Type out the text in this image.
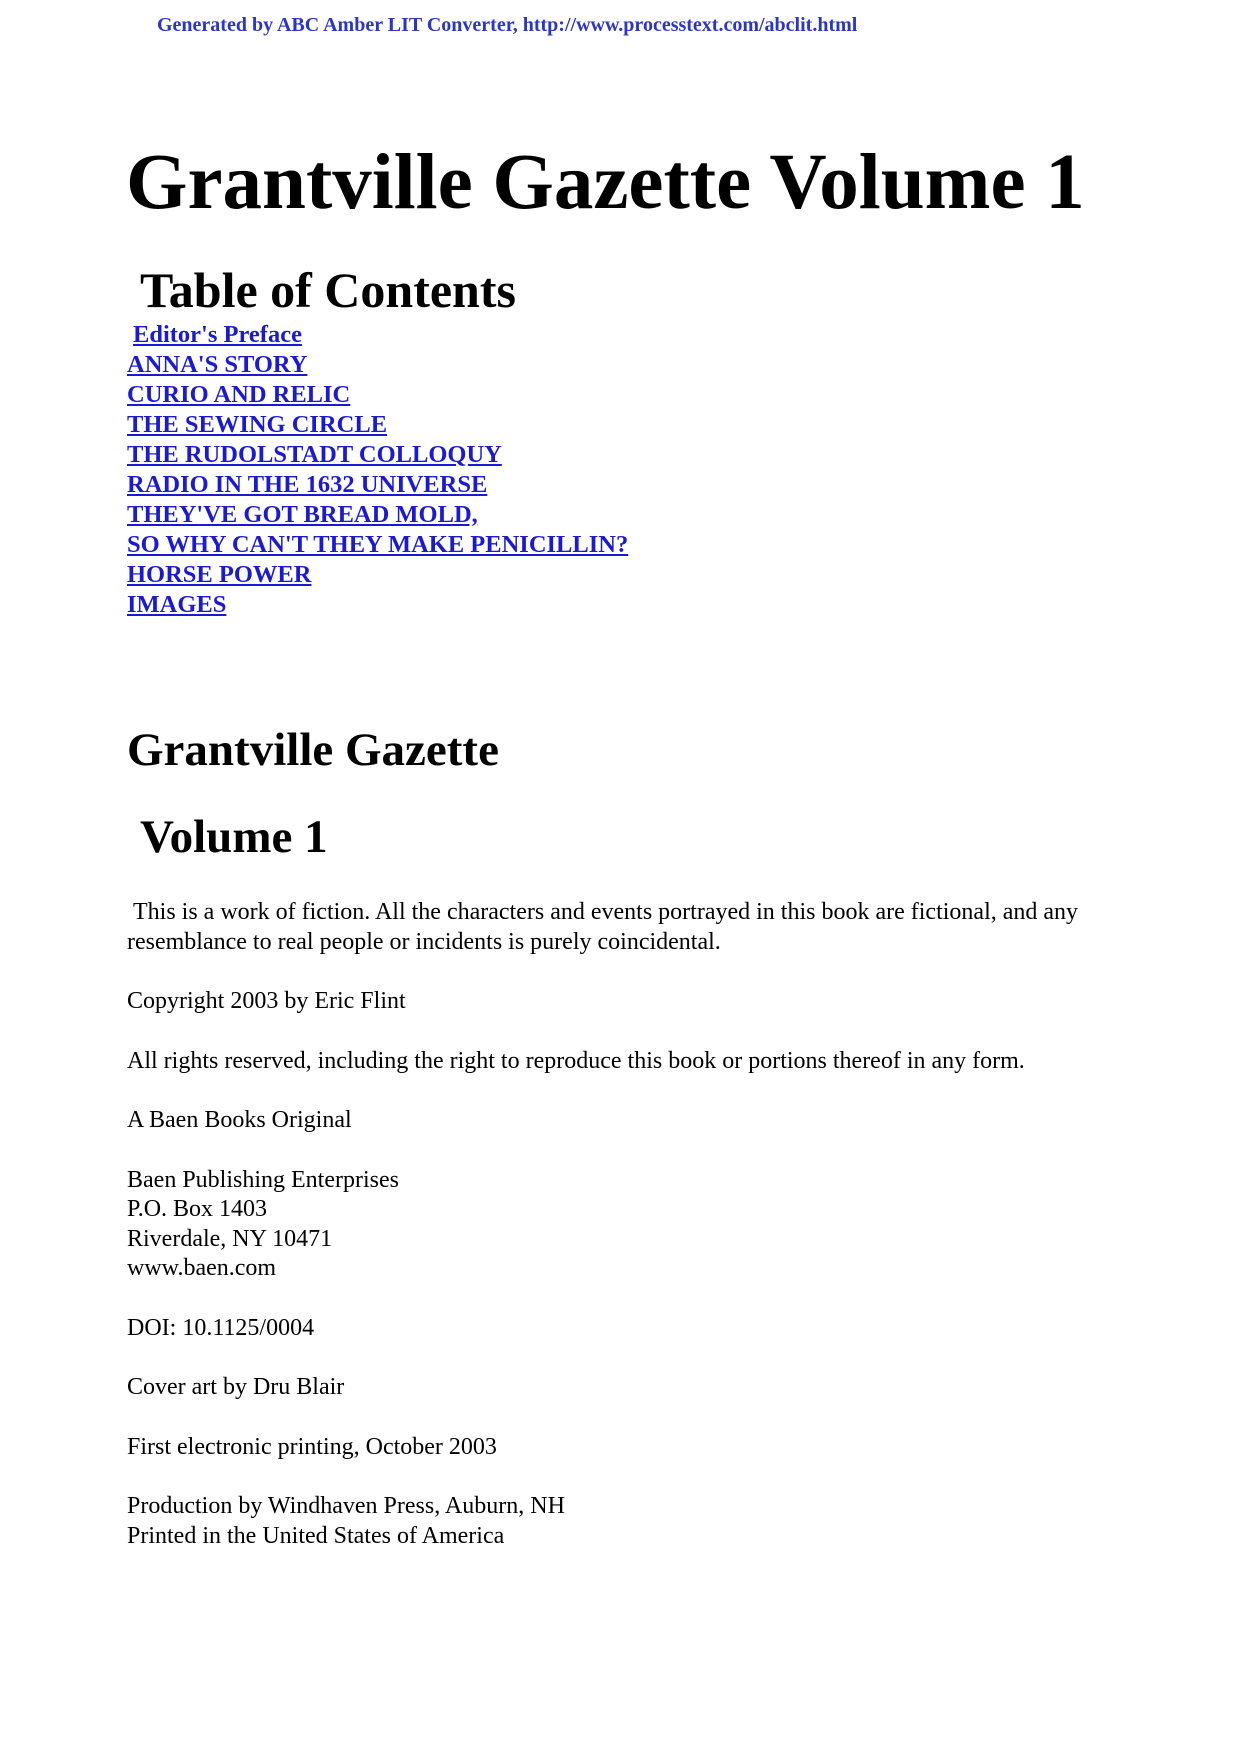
Generated by ABC Amber LIT Converter, http://www.processtext.com/abclit.html
Grantville Gazette Volume 1
Table of Contents
Editor's Preface
ANNA'S STORY
CURIO AND RELIC
THE SEWING CIRCLE
THE RUDOLSTADT COLLOQUY
RADIO IN THE 1632 UNIVERSE
THEY'VE GOT BREAD MOLD,
SO WHY CAN'T THEY MAKE PENICILLIN?
HORSE POWER
IMAGES
Grantville Gazette
Volume 1

This is a work of fiction. All the characters and events portrayed in this book are fictional, and any resemblance to real people or incidents is purely coincidental.

Copyright 2003 by Eric Flint

All rights reserved, including the right to reproduce this book or portions thereof in any form.

A Baen Books Original

Baen Publishing Enterprises
P.O. Box 1403
Riverdale, NY 10471
www.baen.com

DOI: 10.1125/0004

Cover art by Dru Blair

First electronic printing, October 2003

Production by Windhaven Press, Auburn, NH
Printed in the United States of America
